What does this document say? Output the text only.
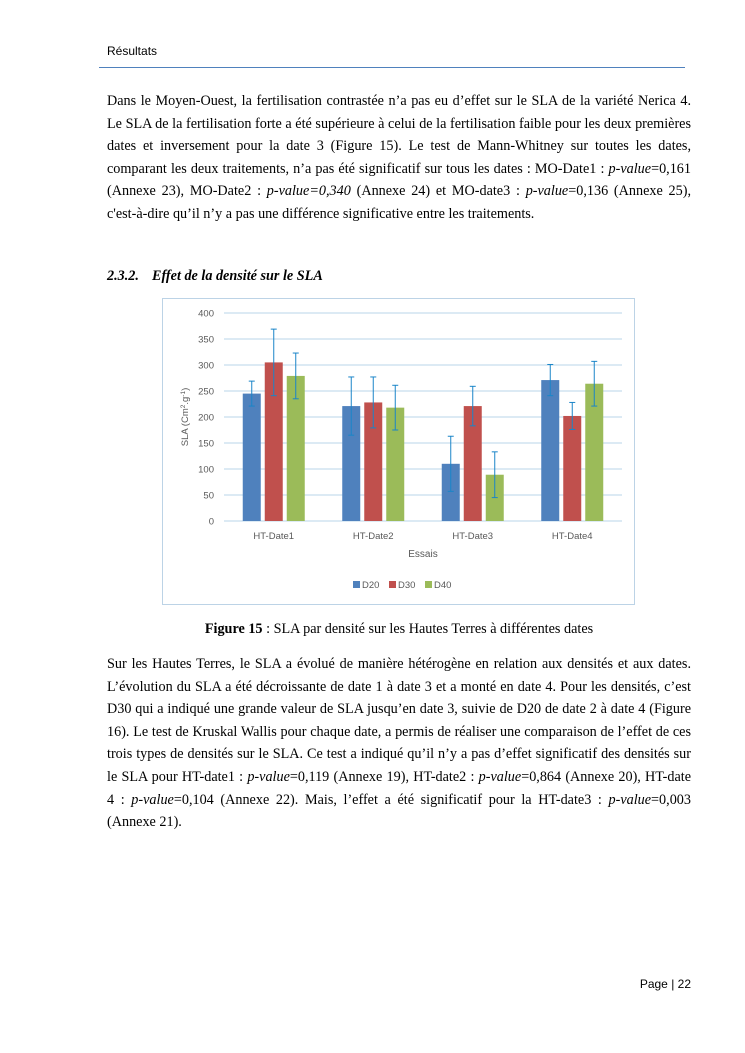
Résultats

Dans le Moyen-Ouest, la fertilisation contrastée n’a pas eu d’effet sur le SLA de la variété Nerica 4. Le SLA de la fertilisation forte a été supérieure à celui de la fertilisation faible pour les deux premières dates et inversement pour la date 3 (Figure 15). Le test de Mann-Whitney sur toutes les dates, comparant les deux traitements, n’a pas été significatif sur tous les dates : MO-Date1 : p-value=0,161 (Annexe 23), MO-Date2 : p-value=0,340 (Annexe 24) et MO-date3 : p-value=0,136 (Annexe 25), c'est-à-dire qu’il n’y a pas une différence significative entre les traitements.

2.3.2. Effet de la densité sur le SLA
0
50
100
150
200
250
300
350
400
HT-Date1	HT-Date2	HT-Date3	HT-Date4
Essais
SLA $(Cm^2.g^{-1})$
D20 D30 D40
Figure 15 : SLA par densité sur les Hautes Terres à différentes dates

Sur les Hautes Terres, le SLA a évolué de manière hétérogène en relation aux densités et aux dates. L’évolution du SLA a été décroissante de date 1 à date 3 et a monté en date 4. Pour les densités, c’est D30 qui a indiqué une grande valeur de SLA jusqu’en date 3, suivie de D20 de date 2 à date 4 (Figure 16). Le test de Kruskal Wallis pour chaque date, a permis de réaliser une comparaison de l’effet de ces trois types de densités sur le SLA. Ce test a indiqué qu’il n’y a pas d’effet significatif des densités sur le SLA pour HT-date1 : p-value=0,119 (Annexe 19), HT-date2 : p-value=0,864 (Annexe 20), HT-date 4 : p-value=0,104 (Annexe 22). Mais, l’effet a été significatif pour la HT-date3 : p-value=0,003 (Annexe 21).

Page | 22
